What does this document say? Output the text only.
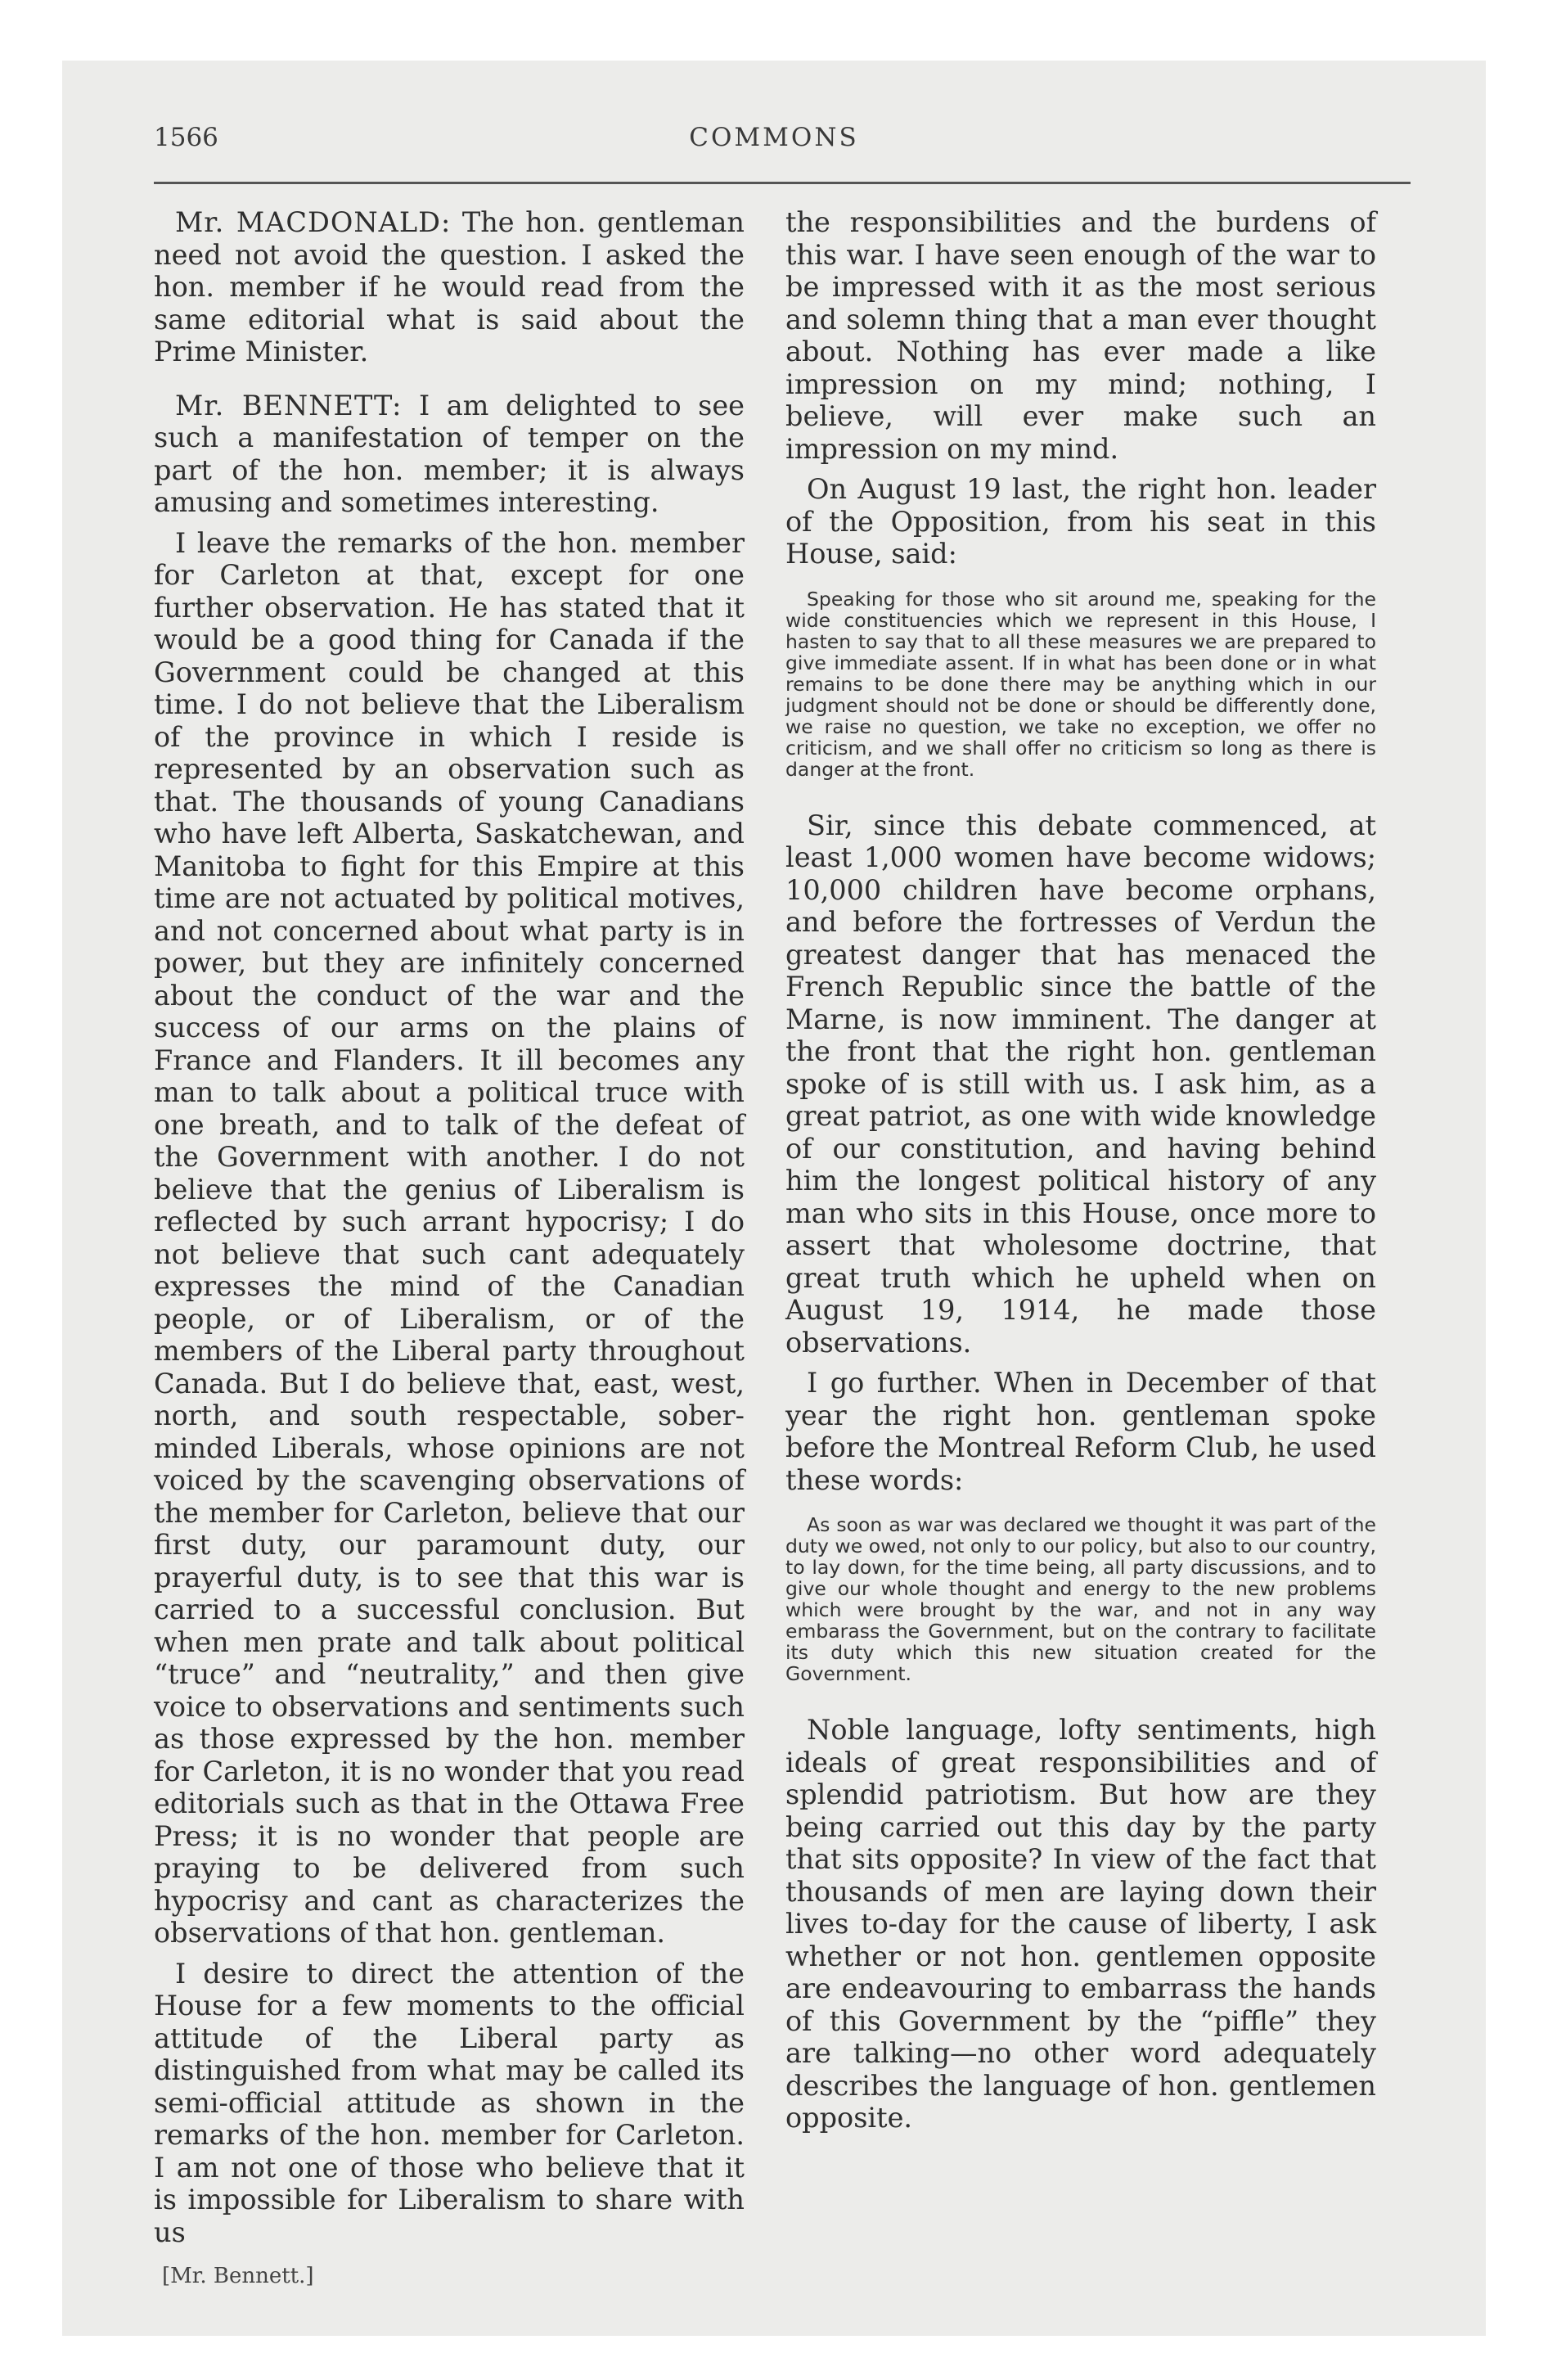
1566	COMMONS

Mr. MACDONALD: The hon. gentleman need not avoid the question. I asked the hon. member if he would read from the same editorial what is said about the Prime Minister.

Mr. BENNETT: I am delighted to see such a manifestation of temper on the part of the hon. member; it is always amusing and sometimes interesting.

I leave the remarks of the hon. member for Carleton at that, except for one further observation. He has stated that it would be a good thing for Canada if the Government could be changed at this time. I do not believe that the Liberalism of the province in which I reside is represented by an observation such as that. The thousands of young Canadians who have left Alberta, Saskatchewan, and Manitoba to fight for this Empire at this time are not actuated by political motives, and not concerned about what party is in power, but they are infinitely concerned about the conduct of the war and the success of our arms on the plains of France and Flanders. It ill becomes any man to talk about a political truce with one breath, and to talk of the defeat of the Government with another. I do not believe that the genius of Liberalism is reflected by such arrant hypocrisy; I do not believe that such cant adequately expresses the mind of the Canadian people, or of Liberalism, or of the members of the Liberal party throughout Canada. But I do believe that, east, west, north, and south respectable, sober-minded Liberals, whose opinions are not voiced by the scavenging observations of the member for Carleton, believe that our first duty, our paramount duty, our prayerful duty, is to see that this war is carried to a successful conclusion. But when men prate and talk about political “truce” and “neutrality,” and then give voice to observations and sentiments such as those expressed by the hon. member for Carleton, it is no wonder that you read editorials such as that in the Ottawa Free Press; it is no wonder that people are praying to be delivered from such hypocrisy and cant as characterizes the observations of that hon. gentleman.

I desire to direct the attention of the House for a few moments to the official attitude of the Liberal party as distinguished from what may be called its semi-official attitude as shown in the remarks of the hon. member for Carleton. I am not one of those who believe that it is impossible for Liberalism to share with us

[Mr. Bennett.]

the responsibilities and the burdens of this war. I have seen enough of the war to be impressed with it as the most serious and solemn thing that a man ever thought about. Nothing has ever made a like impression on my mind; nothing, I believe, will ever make such an impression on my mind.

On August 19 last, the right hon. leader of the Opposition, from his seat in this House, said:

Speaking for those who sit around me, speaking for the wide constituencies which we represent in this House, I hasten to say that to all these measures we are prepared to give immediate assent. If in what has been done or in what remains to be done there may be anything which in our judgment should not be done or should be differently done, we raise no question, we take no exception, we offer no criticism, and we shall offer no criticism so long as there is danger at the front.

Sir, since this debate commenced, at least 1,000 women have become widows; 10,000 children have become orphans, and before the fortresses of Verdun the greatest danger that has menaced the French Republic since the battle of the Marne, is now imminent. The danger at the front that the right hon. gentleman spoke of is still with us. I ask him, as a great patriot, as one with wide knowledge of our constitution, and having behind him the longest political history of any man who sits in this House, once more to assert that wholesome doctrine, that great truth which he upheld when on August 19, 1914, he made those observations.

I go further. When in December of that year the right hon. gentleman spoke before the Montreal Reform Club, he used these words:

As soon as war was declared we thought it was part of the duty we owed, not only to our policy, but also to our country, to lay down, for the time being, all party discussions, and to give our whole thought and energy to the new problems which were brought by the war, and not in any way embarass the Government, but on the contrary to facilitate its duty which this new situation created for the Government.

Noble language, lofty sentiments, high ideals of great responsibilities and of splendid patriotism. But how are they being carried out this day by the party that sits opposite? In view of the fact that thousands of men are laying down their lives to-day for the cause of liberty, I ask whether or not hon. gentlemen opposite are endeavouring to embarrass the hands of this Government by the “piffle” they are talking—no other word adequately describes the language of hon. gentlemen opposite.
